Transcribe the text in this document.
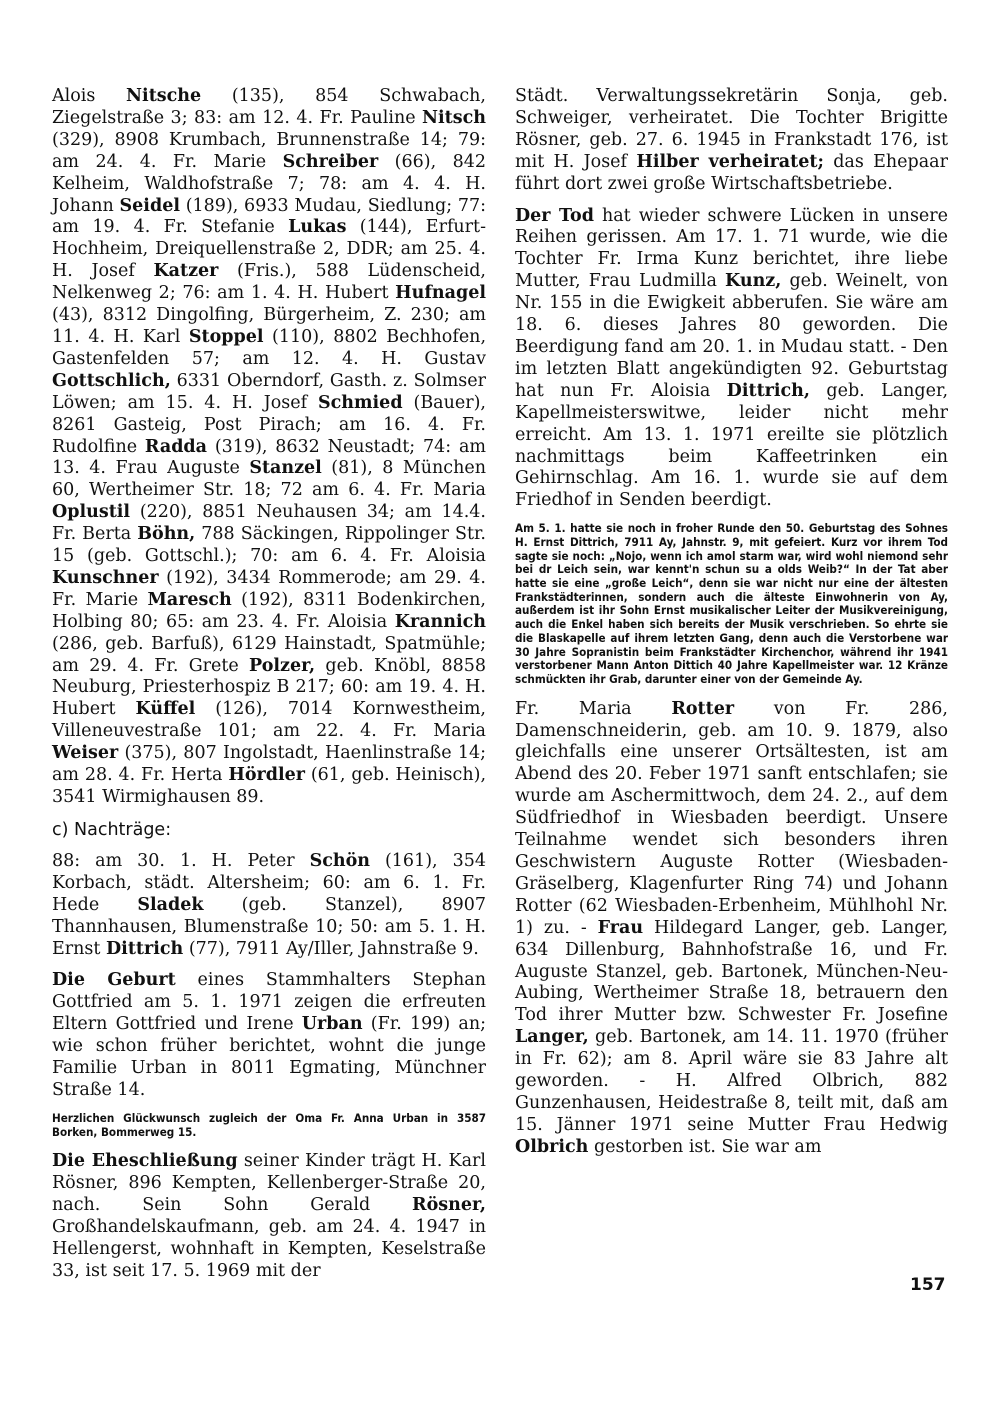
Alois Nitsche (135), 854 Schwabach, Ziegelstraße 3; 83: am 12. 4. Fr. Pauline Nitsch (329), 8908 Krumbach, Brunnenstraße 14; 79: am 24. 4. Fr. Marie Schreiber (66), 842 Kelheim, Waldhofstraße 7; 78: am 4. 4. H. Johann Seidel (189), 6933 Mudau, Siedlung; 77: am 19. 4. Fr. Stefanie Lukas (144), Erfurt-Hochheim, Dreiquellenstraße 2, DDR; am 25. 4. H. Josef Katzer (Fris.), 588 Lüdenscheid, Nelkenweg 2; 76: am 1. 4. H. Hubert Hufnagel (43), 8312 Dingolfing, Bürgerheim, Z. 230; am 11. 4. H. Karl Stoppel (110), 8802 Bechhofen, Gastenfelden 57; am 12. 4. H. Gustav Gottschlich, 6331 Oberndorf, Gasth. z. Solmser Löwen; am 15. 4. H. Josef Schmied (Bauer), 8261 Gasteig, Post Pirach; am 16. 4. Fr. Rudolfine Radda (319), 8632 Neustadt; 74: am 13. 4. Frau Auguste Stanzel (81), 8 München 60, Wertheimer Str. 18; 72 am 6. 4. Fr. Maria Oplustil (220), 8851 Neuhausen 34; am 14.4. Fr. Berta Böhn, 788 Säckingen, Rippolinger Str. 15 (geb. Gottschl.); 70: am 6. 4. Fr. Aloisia Kunschner (192), 3434 Rommerode; am 29. 4. Fr. Marie Maresch (192), 8311 Bodenkirchen, Holbing 80; 65: am 23. 4. Fr. Aloisia Krannich (286, geb. Barfuß), 6129 Hainstadt, Spatmühle; am 29. 4. Fr. Grete Polzer, geb. Knöbl, 8858 Neuburg, Priesterhospiz B 217; 60: am 19. 4. H. Hubert Küffel (126), 7014 Kornwestheim, Villeneuvestraße 101; am 22. 4. Fr. Maria Weiser (375), 807 Ingolstadt, Haenlinstraße 14; am 28. 4. Fr. Herta Hördler (61, geb. Heinisch), 3541 Wirmighausen 89.

c) Nachträge:

88: am 30. 1. H. Peter Schön (161), 354 Korbach, städt. Altersheim; 60: am 6. 1. Fr. Hede Sladek (geb. Stanzel), 8907 Thannhausen, Blumenstraße 10; 50: am 5. 1. H. Ernst Dittrich (77), 7911 Ay/Iller, Jahnstraße 9.

Die Geburt eines Stammhalters Stephan Gottfried am 5. 1. 1971 zeigen die erfreuten Eltern Gottfried und Irene Urban (Fr. 199) an; wie schon früher berichtet, wohnt die junge Familie Urban in 8011 Egmating, Münchner Straße 14.

Herzlichen Glückwunsch zugleich der Oma Fr. Anna Urban in 3587 Borken, Bommerweg 15.

Die Eheschließung seiner Kinder trägt H. Karl Rösner, 896 Kempten, Kellenberger-Straße 20, nach. Sein Sohn Gerald Rösner, Großhandelskaufmann, geb. am 24. 4. 1947 in Hellengerst, wohnhaft in Kempten, Keselstraße 33, ist seit 17. 5. 1969 mit der

Städt. Verwaltungssekretärin Sonja, geb. Schweiger, verheiratet. Die Tochter Brigitte Rösner, geb. 27. 6. 1945 in Frankstadt 176, ist mit H. Josef Hilber verheiratet; das Ehepaar führt dort zwei große Wirtschaftsbetriebe.

Der Tod hat wieder schwere Lücken in unsere Reihen gerissen. Am 17. 1. 71 wurde, wie die Tochter Fr. Irma Kunz berichtet, ihre liebe Mutter, Frau Ludmilla Kunz, geb. Weinelt, von Nr. 155 in die Ewigkeit abberufen. Sie wäre am 18. 6. dieses Jahres 80 geworden. Die Beerdigung fand am 20. 1. in Mudau statt. - Den im letzten Blatt angekündigten 92. Geburtstag hat nun Fr. Aloisia Dittrich, geb. Langer, Kapellmeisterswitwe, leider nicht mehr erreicht. Am 13. 1. 1971 ereilte sie plötzlich nachmittags beim Kaffeetrinken ein Gehirnschlag. Am 16. 1. wurde sie auf dem Friedhof in Senden beerdigt.

Am 5. 1. hatte sie noch in froher Runde den 50. Geburtstag des Sohnes H. Ernst Dittrich, 7911 Ay, Jahnstr. 9, mit gefeiert. Kurz vor ihrem Tod sagte sie noch: „Nojo, wenn ich amol starm war, wird wohl niemond sehr bei dr Leich sein, war kennt'n schun su a olds Weib?“ In der Tat aber hatte sie eine „große Leich“, denn sie war nicht nur eine der ältesten Frankstädterinnen, sondern auch die älteste Einwohnerin von Ay, außerdem ist ihr Sohn Ernst musikalischer Leiter der Musikvereinigung, auch die Enkel haben sich bereits der Musik verschrieben. So ehrte sie die Blaskapelle auf ihrem letzten Gang, denn auch die Verstorbene war 30 Jahre Sopranistin beim Frankstädter Kirchenchor, während ihr 1941 verstorbener Mann Anton Dittich 40 Jahre Kapellmeister war. 12 Kränze schmückten ihr Grab, darunter einer von der Gemeinde Ay.

Fr. Maria Rotter von Fr. 286, Damenschneiderin, geb. am 10. 9. 1879, also gleichfalls eine unserer Ortsältesten, ist am Abend des 20. Feber 1971 sanft entschlafen; sie wurde am Aschermittwoch, dem 24. 2., auf dem Südfriedhof in Wiesbaden beerdigt. Unsere Teilnahme wendet sich besonders ihren Geschwistern Auguste Rotter (Wiesbaden-Gräselberg, Klagenfurter Ring 74) und Johann Rotter (62 Wiesbaden-Erbenheim, Mühlhohl Nr. 1) zu. - Frau Hildegard Langer, geb. Langer, 634 Dillenburg, Bahnhofstraße 16, und Fr. Auguste Stanzel, geb. Bartonek, München-Neu-Aubing, Wertheimer Straße 18, betrauern den Tod ihrer Mutter bzw. Schwester Fr. Josefine Langer, geb. Bartonek, am 14. 11. 1970 (früher in Fr. 62); am 8. April wäre sie 83 Jahre alt geworden. - H. Alfred Olbrich, 882 Gunzenhausen, Heidestraße 8, teilt mit, daß am 15. Jänner 1971 seine Mutter Frau Hedwig Olbrich gestorben ist. Sie war am

157
